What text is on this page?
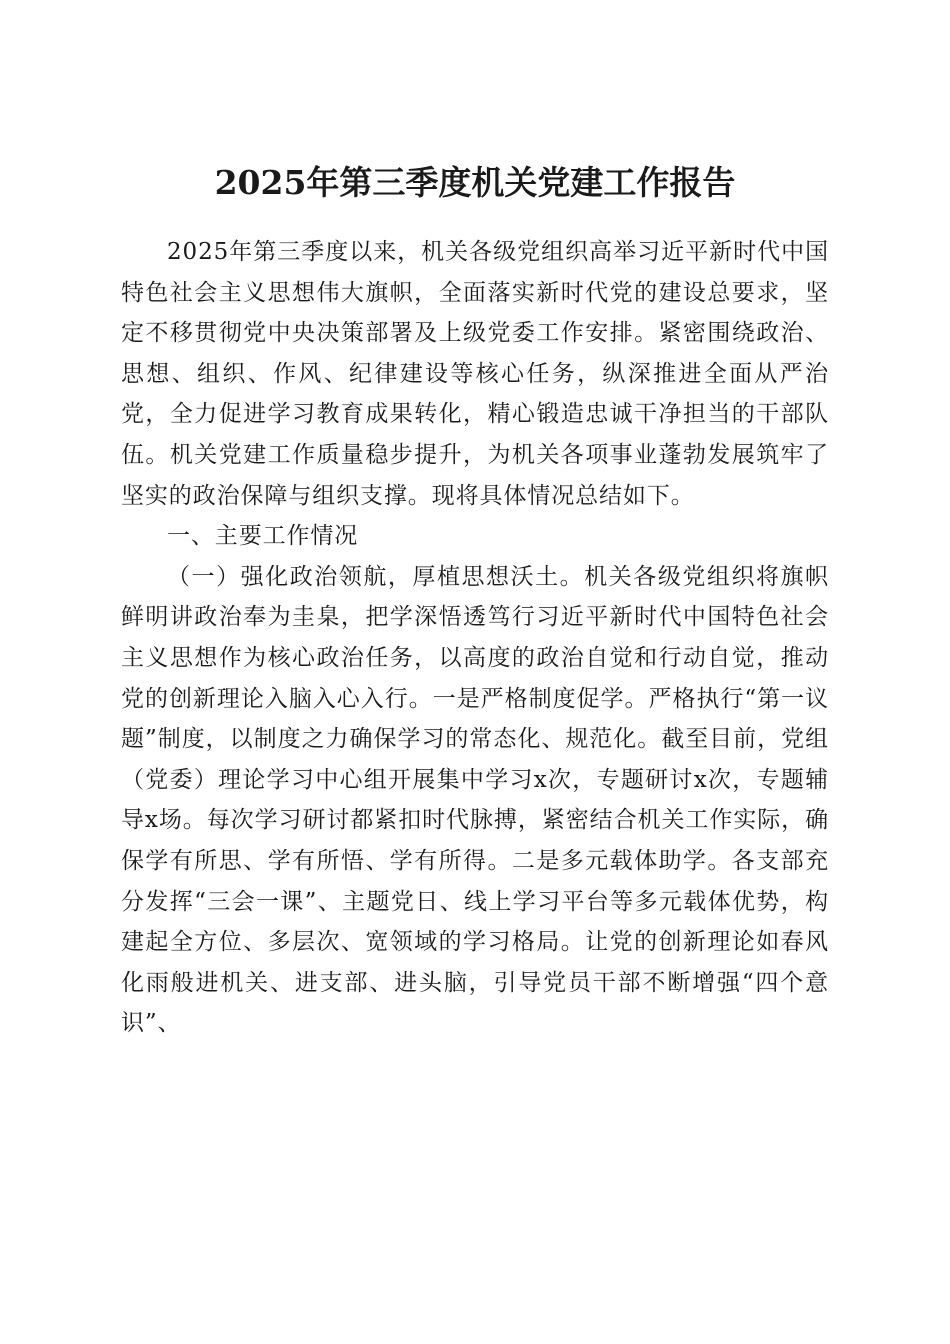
2025年第三季度机关党建工作报告

2025年第三季度以来，机关各级党组织高举习近平新时代中国特色社会主义思想伟大旗帜，全面落实新时代党的建设总要求，坚定不移贯彻党中央决策部署及上级党委工作安排。紧密围绕政治、思想、组织、作风、纪律建设等核心任务，纵深推进全面从严治党，全力促进学习教育成果转化，精心锻造忠诚干净担当的干部队伍。机关党建工作质量稳步提升，为机关各项事业蓬勃发展筑牢了坚实的政治保障与组织支撑。现将具体情况总结如下。

一、主要工作情况

（一）强化政治领航，厚植思想沃土。机关各级党组织将旗帜鲜明讲政治奉为圭臬，把学深悟透笃行习近平新时代中国特色社会主义思想作为核心政治任务，以高度的政治自觉和行动自觉，推动党的创新理论入脑入心入行。一是严格制度促学。严格执行“第一议题”制度，以制度之力确保学习的常态化、规范化。截至目前，党组（党委）理论学习中心组开展集中学习x次，专题研讨x次，专题辅导x场。每次学习研讨都紧扣时代脉搏，紧密结合机关工作实际，确保学有所思、学有所悟、学有所得。二是多元载体助学。各支部充分发挥“三会一课”、主题党日、线上学习平台等多元载体优势，构建起全方位、多层次、宽领域的学习格局。让党的创新理论如春风化雨般进机关、进支部、进头脑，引导党员干部不断增强“四个意识”、
